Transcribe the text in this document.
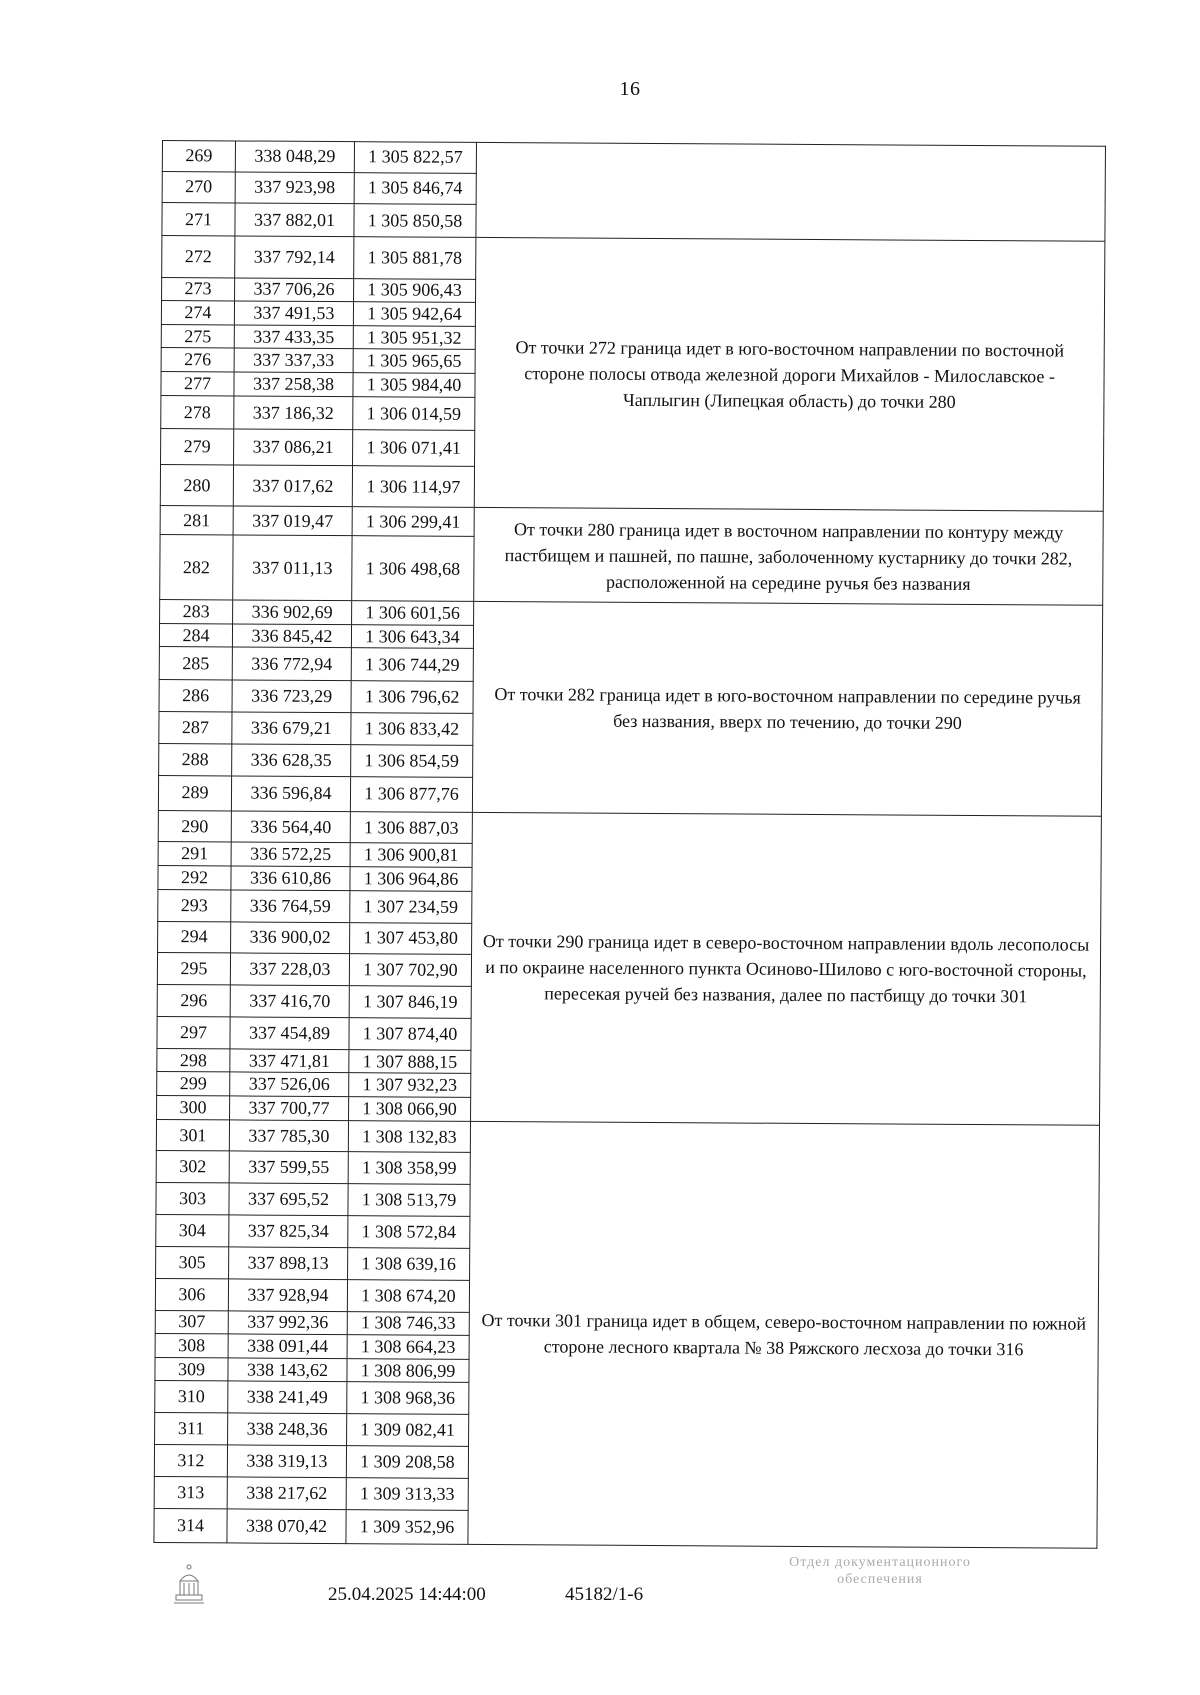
16
269	338 048,29	1 305 822,57	
270	337 923,98	1 305 846,74	
271	337 882,01	1 305 850,58	
272	337 792,14	1 305 881,78	От точки 272 граница идет в юго-восточном направлении по восточной стороне полосы отвода железной дороги Михайлов - Милославское - Чаплыгин (Липецкая область) до точки 280
273	337 706,26	1 305 906,43	
274	337 491,53	1 305 942,64	
275	337 433,35	1 305 951,32	
276	337 337,33	1 305 965,65	
277	337 258,38	1 305 984,40	
278	337 186,32	1 306 014,59	
279	337 086,21	1 306 071,41	
280	337 017,62	1 306 114,97	
281	337 019,47	1 306 299,41	От точки 280 граница идет в восточном направлении по контуру между пастбищем и пашней, по пашне, заболоченному кустарнику до точки 282, расположенной на середине ручья без названия
282	337 011,13	1 306 498,68	
283	336 902,69	1 306 601,56	От точки 282 граница идет в юго-восточном направлении по середине ручья без названия, вверх по течению, до точки 290
284	336 845,42	1 306 643,34	
285	336 772,94	1 306 744,29	
286	336 723,29	1 306 796,62	
287	336 679,21	1 306 833,42	
288	336 628,35	1 306 854,59	
289	336 596,84	1 306 877,76	
290	336 564,40	1 306 887,03	От точки 290 граница идет в северо-восточном направлении вдоль лесополосы и по окраине населенного пункта Осиново-Шилово с юго-восточной стороны, пересекая ручей без названия, далее по пастбищу до точки 301
291	336 572,25	1 306 900,81	
292	336 610,86	1 306 964,86	
293	336 764,59	1 307 234,59	
294	336 900,02	1 307 453,80	
295	337 228,03	1 307 702,90	
296	337 416,70	1 307 846,19	
297	337 454,89	1 307 874,40	
298	337 471,81	1 307 888,15	
299	337 526,06	1 307 932,23	
300	337 700,77	1 308 066,90	
301	337 785,30	1 308 132,83	От точки 301 граница идет в общем, северо-восточном направлении по южной стороне лесного квартала № 38 Ряжского лесхоза до точки 316
302	337 599,55	1 308 358,99	
303	337 695,52	1 308 513,79	
304	337 825,34	1 308 572,84	
305	337 898,13	1 308 639,16	
306	337 928,94	1 308 674,20	
307	337 992,36	1 308 746,33	
308	338 091,44	1 308 664,23	
309	338 143,62	1 308 806,99	
310	338 241,49	1 308 968,36	
311	338 248,36	1 309 082,41	
312	338 319,13	1 309 208,58	
313	338 217,62	1 309 313,33	
314	338 070,42	1 309 352,96	
25.04.2025 14:44:00	45182/1-6
Отдел документационного
обеспечения
